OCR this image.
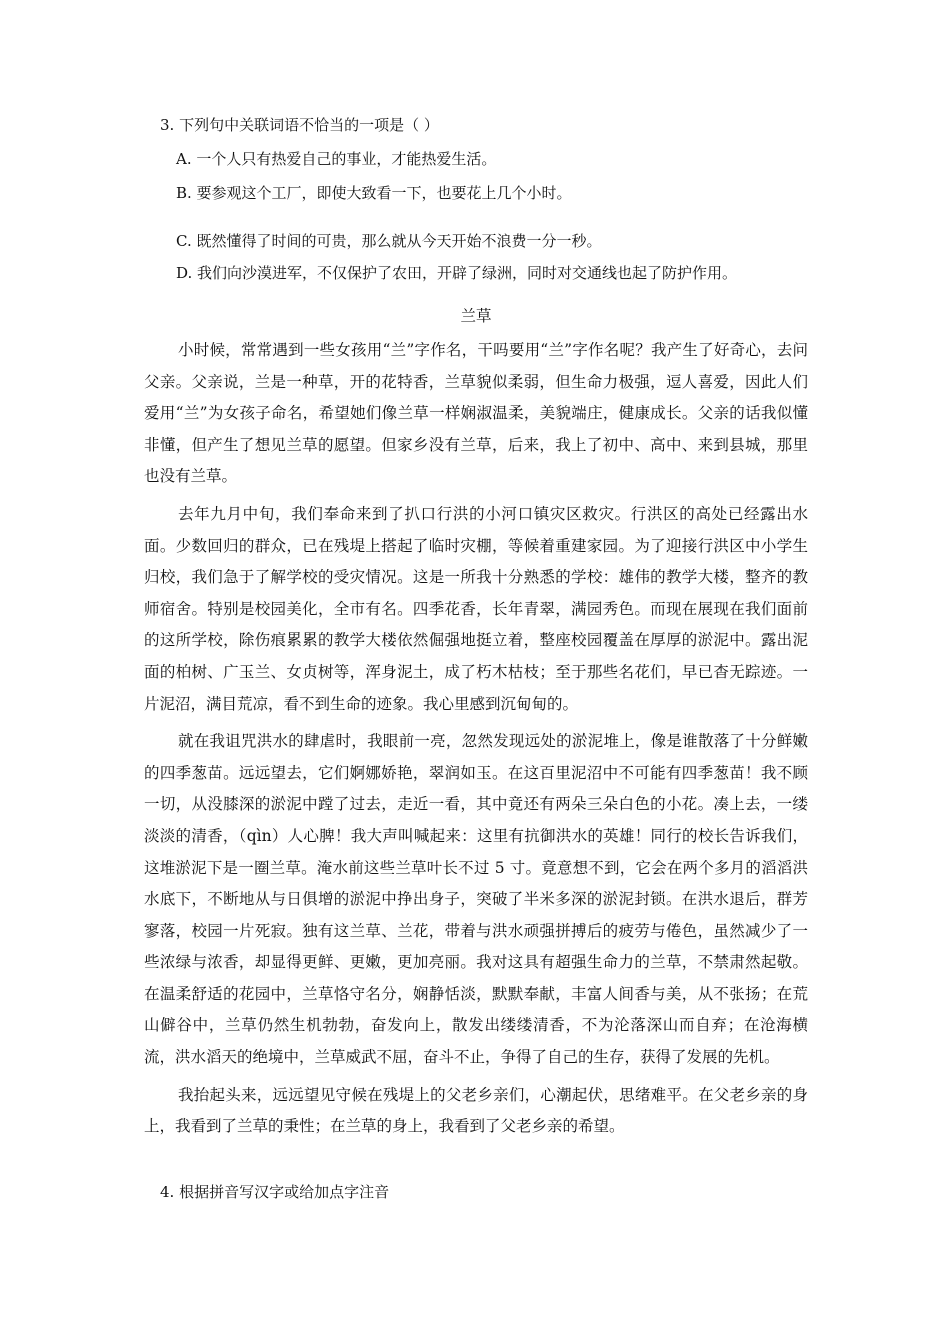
3. 下列句中关联词语不恰当的一项是（ ）
A. 一个人只有热爱自己的事业，才能热爱生活。
B. 要参观这个工厂，即使大致看一下，也要花上几个小时。
C. 既然懂得了时间的可贵，那么就从今天开始不浪费一分一秒。
D. 我们向沙漠进军，不仅保护了农田，开辟了绿洲，同时对交通线也起了防护作用。
兰草

小时候，常常遇到一些女孩用“兰”字作名，干吗要用“兰”字作名呢？我产生了好奇心，去问父亲。父亲说，兰是一种草，开的花特香，兰草貌似柔弱，但生命力极强，逗人喜爱，因此人们爱用“兰”为女孩子命名，希望她们像兰草一样娴淑温柔，美貌端庄，健康成长。父亲的话我似懂非懂，但产生了想见兰草的愿望。但家乡没有兰草，后来，我上了初中、高中、来到县城，那里也没有兰草。

去年九月中旬，我们奉命来到了扒口行洪的小河口镇灾区救灾。行洪区的高处已经露出水面。少数回归的群众，已在残堤上搭起了临时灾棚，等候着重建家园。为了迎接行洪区中小学生归校，我们急于了解学校的受灾情况。这是一所我十分熟悉的学校：雄伟的教学大楼，整齐的教师宿舍。特别是校园美化，全市有名。四季花香，长年青翠，满园秀色。而现在展现在我们面前的这所学校，除伤痕累累的教学大楼依然倔强地挺立着，整座校园覆盖在厚厚的淤泥中。露出泥面的柏树、广玉兰、女贞树等，浑身泥土，成了朽木枯枝；至于那些名花们，早已杳无踪迹。一片泥沼，满目荒凉，看不到生命的迹象。我心里感到沉甸甸的。

就在我诅咒洪水的肆虐时，我眼前一亮，忽然发现远处的淤泥堆上，像是谁散落了十分鲜嫩的四季葱苗。远远望去，它们婀娜娇艳，翠润如玉。在这百里泥沼中不可能有四季葱苗！我不顾一切，从没膝深的淤泥中蹚了过去，走近一看，其中竟还有两朵三朵白色的小花。凑上去，一缕淡淡的清香，（qìn）人心脾！我大声叫喊起来：这里有抗御洪水的英雄！同行的校长告诉我们，这堆淤泥下是一圈兰草。淹水前这些兰草叶长不过 5 寸。竟意想不到，它会在两个多月的滔滔洪水底下，不断地从与日俱增的淤泥中挣出身子，突破了半米多深的淤泥封锁。在洪水退后，群芳寥落，校园一片死寂。独有这兰草、兰花，带着与洪水顽强拼搏后的疲劳与倦色，虽然减少了一些浓绿与浓香，却显得更鲜、更嫩，更加亮丽。我对这具有超强生命力的兰草，不禁肃然起敬。在温柔舒适的花园中，兰草恪守名分，娴静恬淡，默默奉献，丰富人间香与美，从不张扬；在荒山僻谷中，兰草仍然生机勃勃，奋发向上，散发出缕缕清香，不为沦落深山而自弃；在沧海横流，洪水滔天的绝境中，兰草威武不屈，奋斗不止，争得了自己的生存，获得了发展的先机。

我抬起头来，远远望见守候在残堤上的父老乡亲们，心潮起伏，思绪难平。在父老乡亲的身上，我看到了兰草的秉性；在兰草的身上，我看到了父老乡亲的希望。

4. 根据拼音写汉字或给加点字注音
